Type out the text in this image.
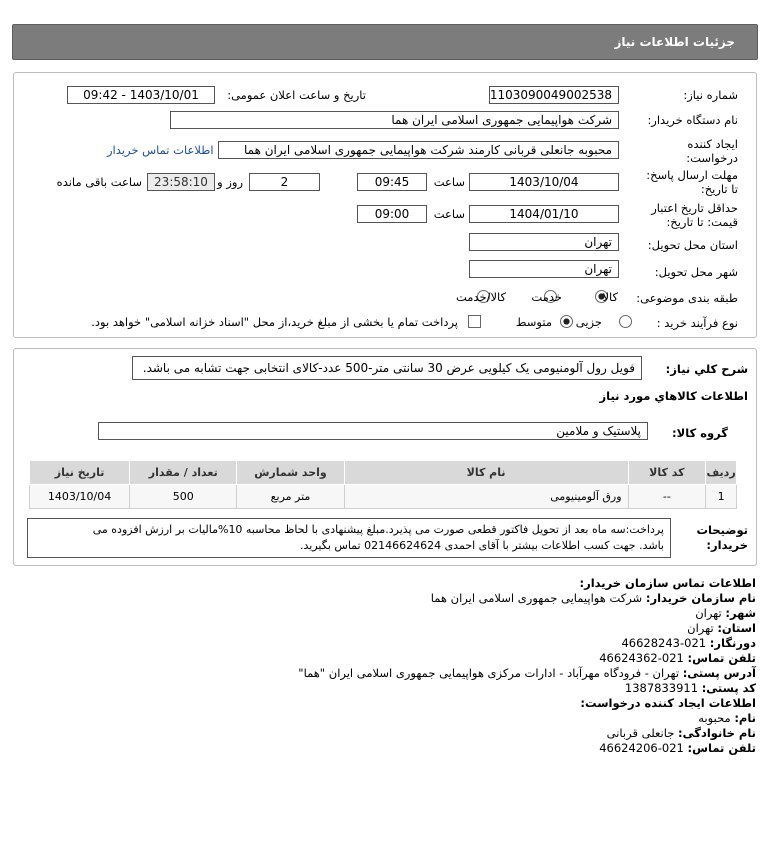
جزئیات اطلاعات نیاز
شماره نیاز:
1103090049002538
تاریخ و ساعت اعلان عمومی:
1403/10/01 - 09:42
نام دستگاه خریدار:
شرکت هواپیمایی جمهوری اسلامی ایران هما
ایجاد کننده
درخواست:
محبوبه جانعلی قربانی کارمند شرکت هواپیمایی جمهوری اسلامی ایران هما
اطلاعات تماس خریدار
مهلت ارسال پاسخ:
تا تاریخ:
1403/10/04
ساعت
09:45
2
روز و
23:58:10
ساعت باقی مانده
حداقل تاریخ اعتبار
قیمت: تا تاریخ:
1404/01/10
ساعت
09:00
استان محل تحویل:
تهران
شهر محل تحویل:
تهران
طبقه بندی موضوعی:
کالا
خدمت
کالا/خدمت
نوع فرآیند خرید :
جزیی
متوسط
پرداخت تمام یا بخشی از مبلغ خرید،از محل "اسناد خزانه اسلامی" خواهد بود.
شرح کلي نياز:
فویل رول آلومنیومی یک کیلویی عرض 30 سانتی متر-500 عدد-کالای انتخابی جهت تشابه می باشد.
اطلاعات کالاهاي مورد نياز
گروه کالا:
پلاستیک و ملامین
ردیف	کد کالا	نام کالا	واحد شمارش	تعداد / مقدار	تاریخ نیاز
1	--	ورق آلومینیومی	متر مربع	500	1403/10/04
توضیحات
خریدار:
پرداخت:سه ماه بعد از تحویل فاکتور قطعی صورت می پذیرد.مبلغ پیشنهادی با لحاظ محاسبه 10%مالیات بر ارزش افزوده می
باشد. جهت کسب اطلاعات بیشتر با آقای احمدی 02146624624 تماس بگیرید.
اطلاعات تماس سازمان خریدار:
نام سازمان خریدار: شرکت هواپیمایی جمهوری اسلامی ایران هما
شهر: تهران
استان: تهران
دورنگار: 021-46628243
تلفن تماس: 021-46624362
آدرس پستی: تهران - فرودگاه مهرآباد - ادارات مرکزی هواپیمایی جمهوری اسلامی ایران "هما"
کد پستی: 1387833911
اطلاعات ایجاد کننده درخواست:
نام: محبوبه
نام خانوادگی: جانعلی قربانی
تلفن تماس: 021-46624206
